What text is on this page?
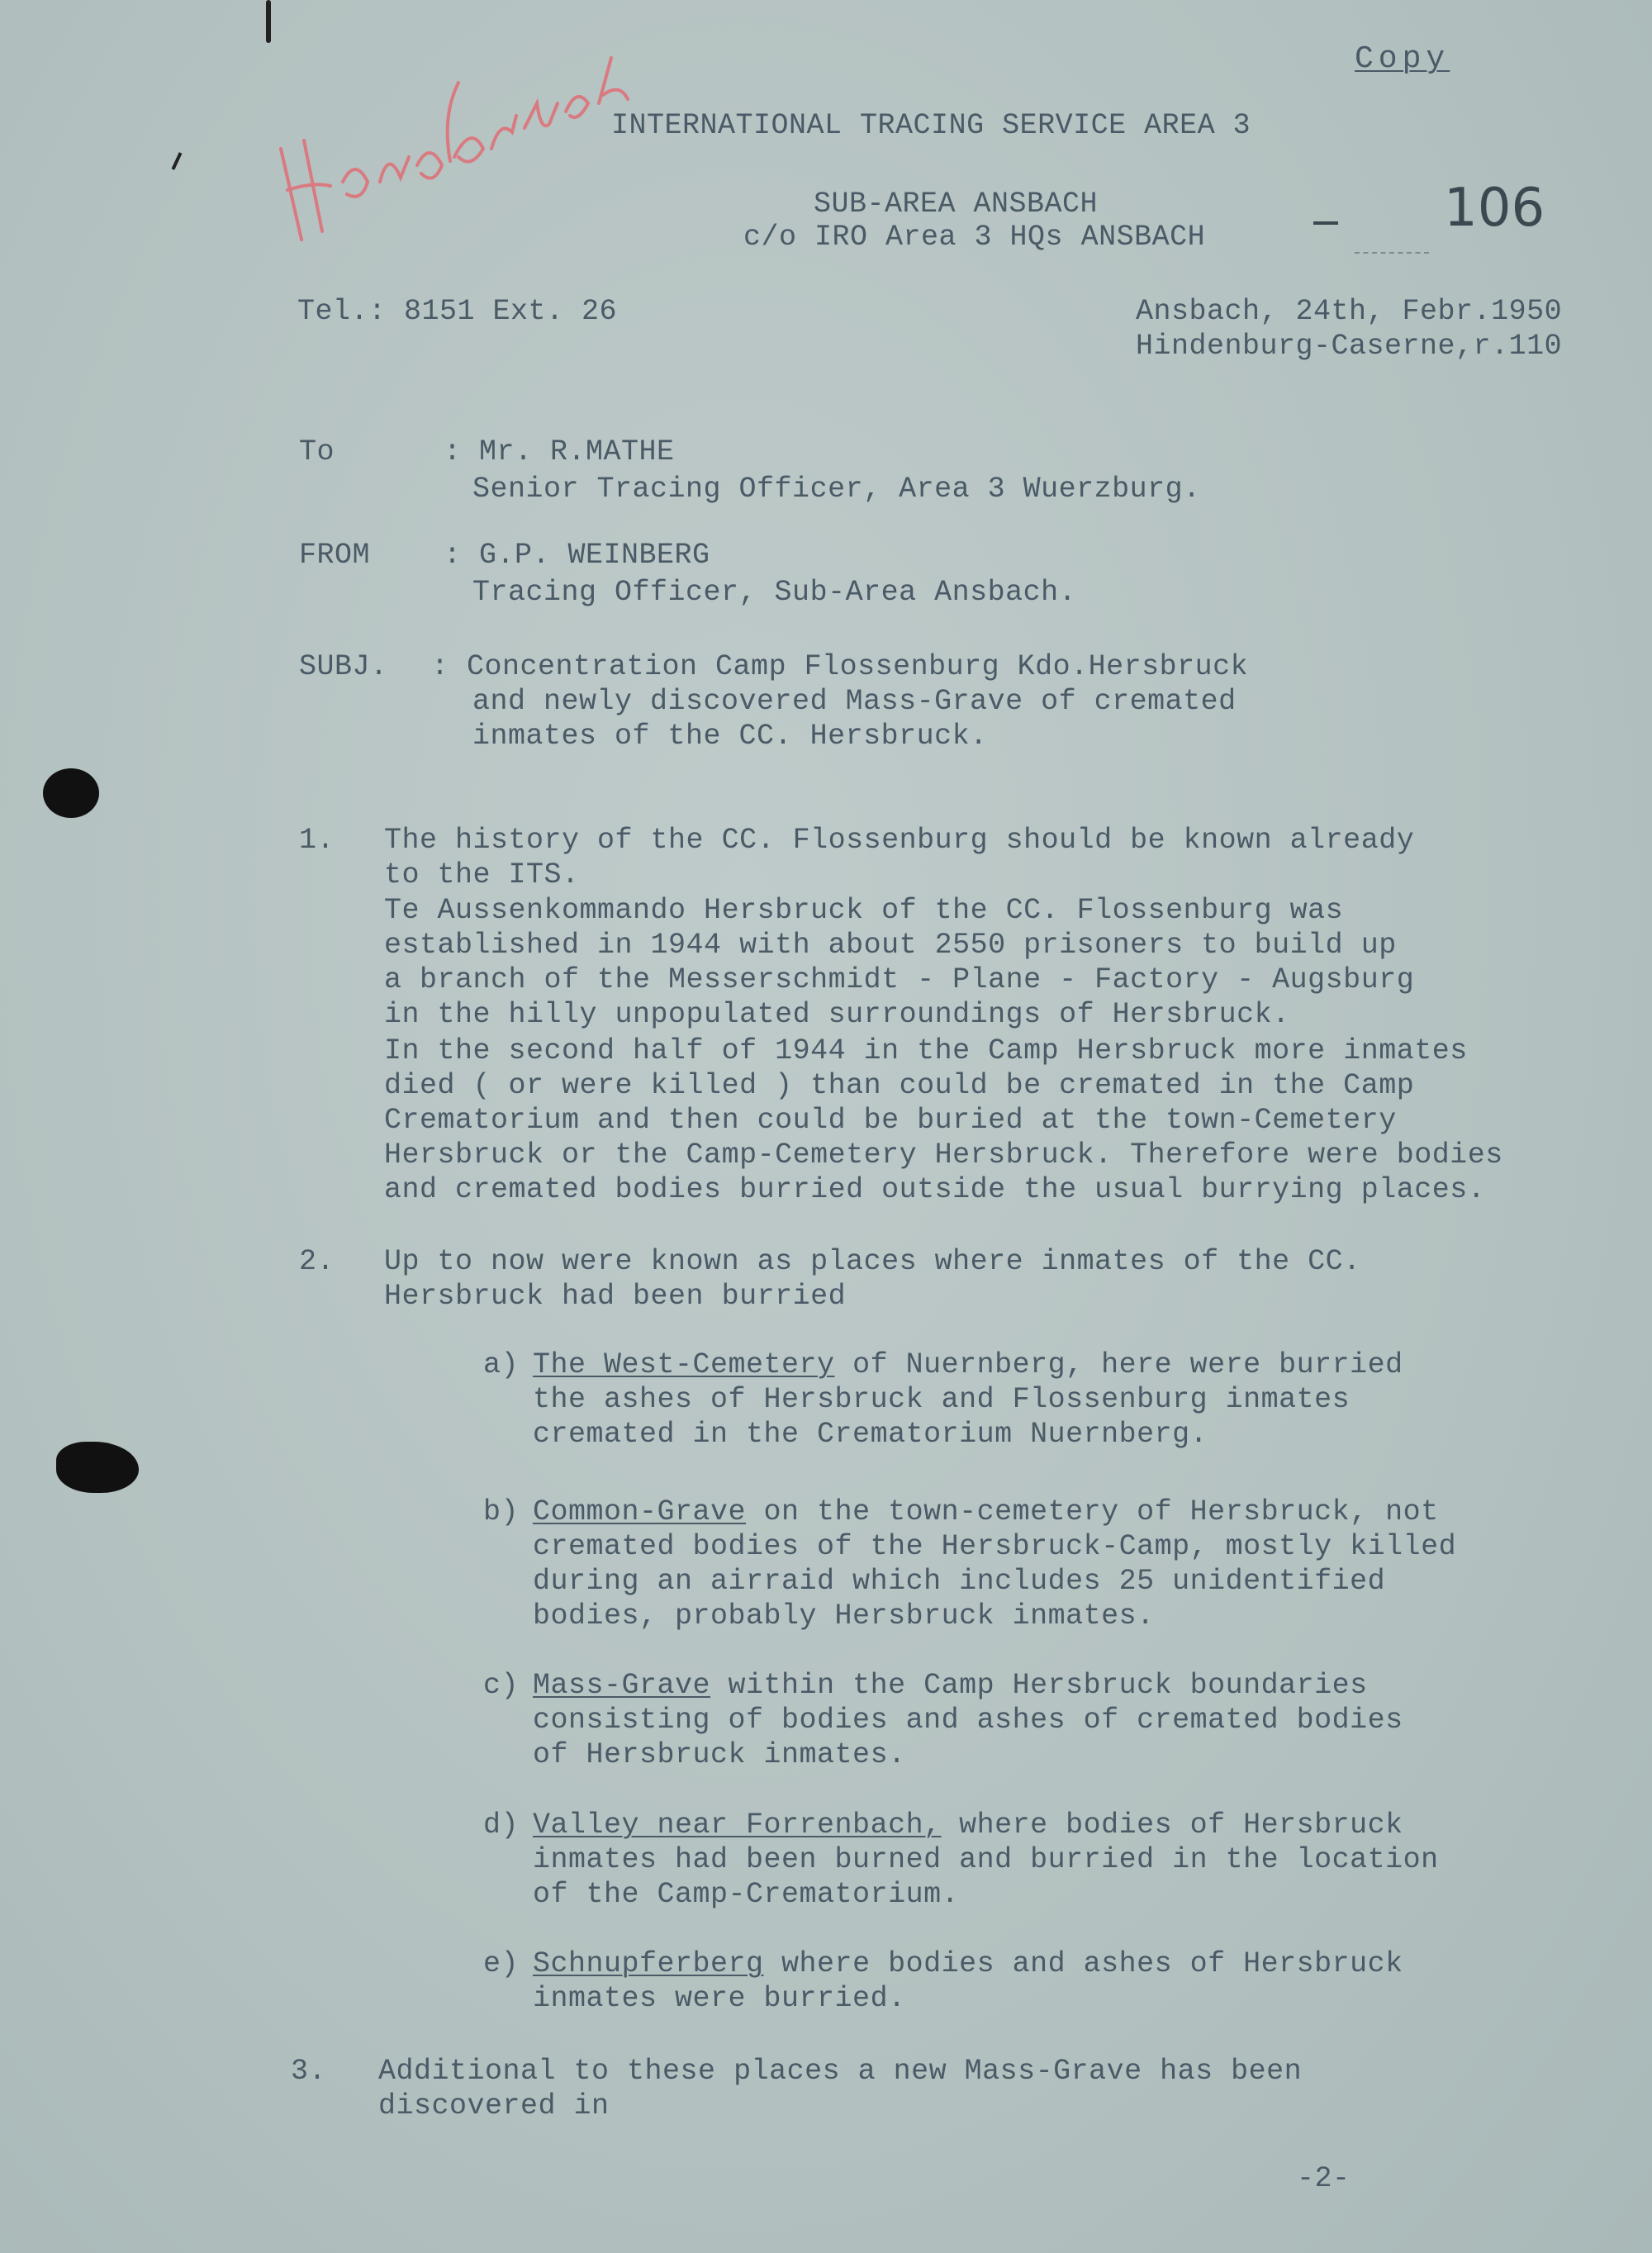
Copy
INTERNATIONAL TRACING SERVICE AREA 3
SUB-AREA ANSBACH
c/o IRO Area 3 HQs ANSBACH	106
Tel.: 8151 Ext. 26	Ansbach, 24th, Febr.1950
Hindenburg-Caserne,r.110
To	: Mr. R.MATHE
Senior Tracing Officer, Area 3 Wuerzburg.
FROM	: G.P. WEINBERG
Tracing Officer, Sub-Area Ansbach.
SUBJ. : Concentration Camp Flossenburg Kdo.Hersbruck
and newly discovered Mass-Grave of cremated
inmates of the CC. Hersbruck.
1. The history of the CC. Flossenburg should be known already
to the ITS.
Te Aussenkommando Hersbruck of the CC. Flossenburg was
established in 1944 with about 2550 prisoners to build up
a branch of the Messerschmidt - Plane - Factory - Augsburg
in the hilly unpopulated surroundings of Hersbruck.
In the second half of 1944 in the Camp Hersbruck more inmates
died ( or were killed ) than could be cremated in the Camp
Crematorium and then could be buried at the town-Cemetery
Hersbruck or the Camp-Cemetery Hersbruck. Therefore were bodies
and cremated bodies burried outside the usual burrying places.
2. Up to now were known as places where inmates of the CC.
Hersbruck had been burried
a) The West-Cemetery of Nuernberg, here were burried
the ashes of Hersbruck and Flossenburg inmates
cremated in the Crematorium Nuernberg.
b) Common-Grave on the town-cemetery of Hersbruck, not
cremated bodies of the Hersbruck-Camp, mostly killed
during an airraid which includes 25 unidentified
bodies, probably Hersbruck inmates.
c) Mass-Grave within the Camp Hersbruck boundaries
consisting of bodies and ashes of cremated bodies
of Hersbruck inmates.
d) Valley near Forrenbach, where bodies of Hersbruck
inmates had been burned and burried in the location
of the Camp-Crematorium.
e) Schnupferberg where bodies and ashes of Hersbruck
inmates were burried.
3. Additional to these places a new Mass-Grave has been
discovered in
-2-
